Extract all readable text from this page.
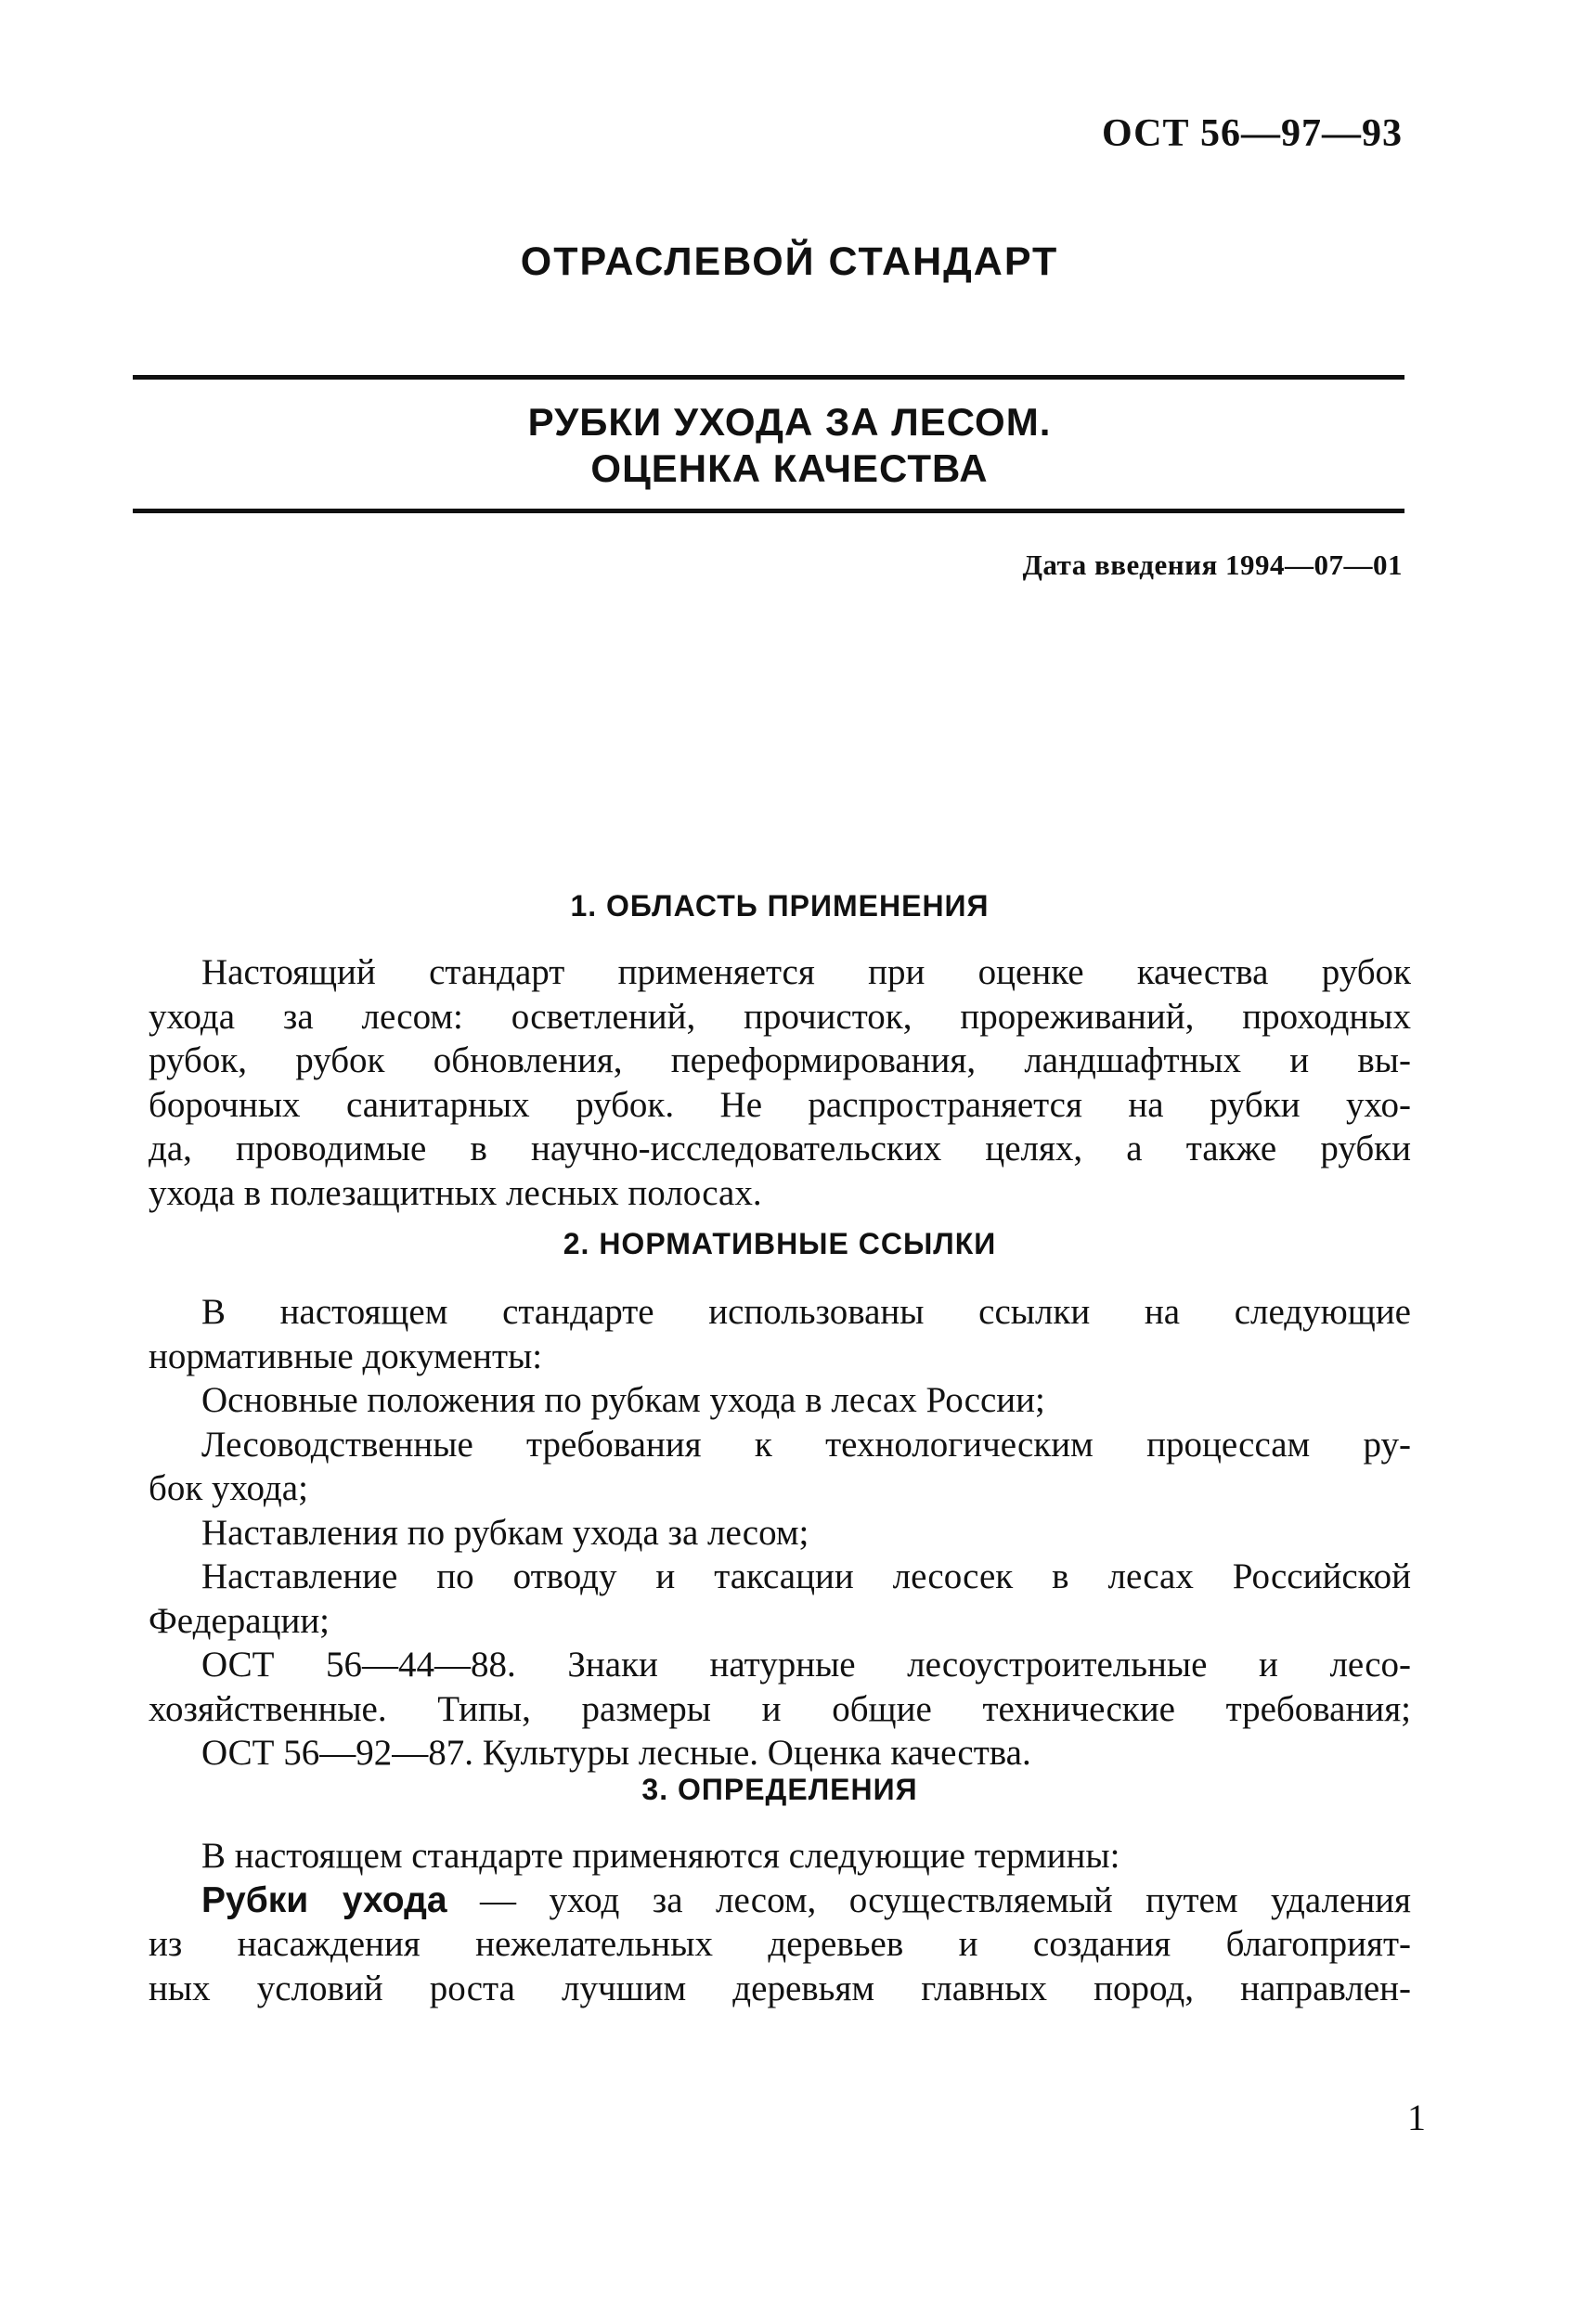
ОСТ 56—97—93
ОТРАСЛЕВОЙ СТАНДАРТ
РУБКИ УХОДА ЗА ЛЕСОМ.
ОЦЕНКА КАЧЕСТВА
Дата введения 1994—07—01
1. ОБЛАСТЬ ПРИМЕНЕНИЯ
Настоящий стандарт применяется при оценке качества рубок
ухода за лесом: осветлений, прочисток, прореживаний, проходных
рубок, рубок обновления, переформирования, ландшафтных и вы-
борочных санитарных рубок. Не распространяется на рубки ухо-
да, проводимые в научно-исследовательских целях, а также рубки
ухода в полезащитных лесных полосах.
2. НОРМАТИВНЫЕ ССЫЛКИ
В настоящем стандарте использованы ссылки на следующие
нормативные документы:
Основные положения по рубкам ухода в лесах России;
Лесоводственные требования к технологическим процессам ру-
бок ухода;
Наставления по рубкам ухода за лесом;
Наставление по отводу и таксации лесосек в лесах Российской
Федерации;
ОСТ 56—44—88. Знаки натурные лесоустроительные и лесо-
хозяйственные. Типы, размеры и общие технические требования;
ОСТ 56—92—87. Культуры лесные. Оценка качества.
3. ОПРЕДЕЛЕНИЯ
В настоящем стандарте применяются следующие термины:
Рубки ухода — уход за лесом, осуществляемый путем удаления
из насаждения нежелательных деревьев и создания благоприят-
ных условий роста лучшим деревьям главных пород, направлен-
1
